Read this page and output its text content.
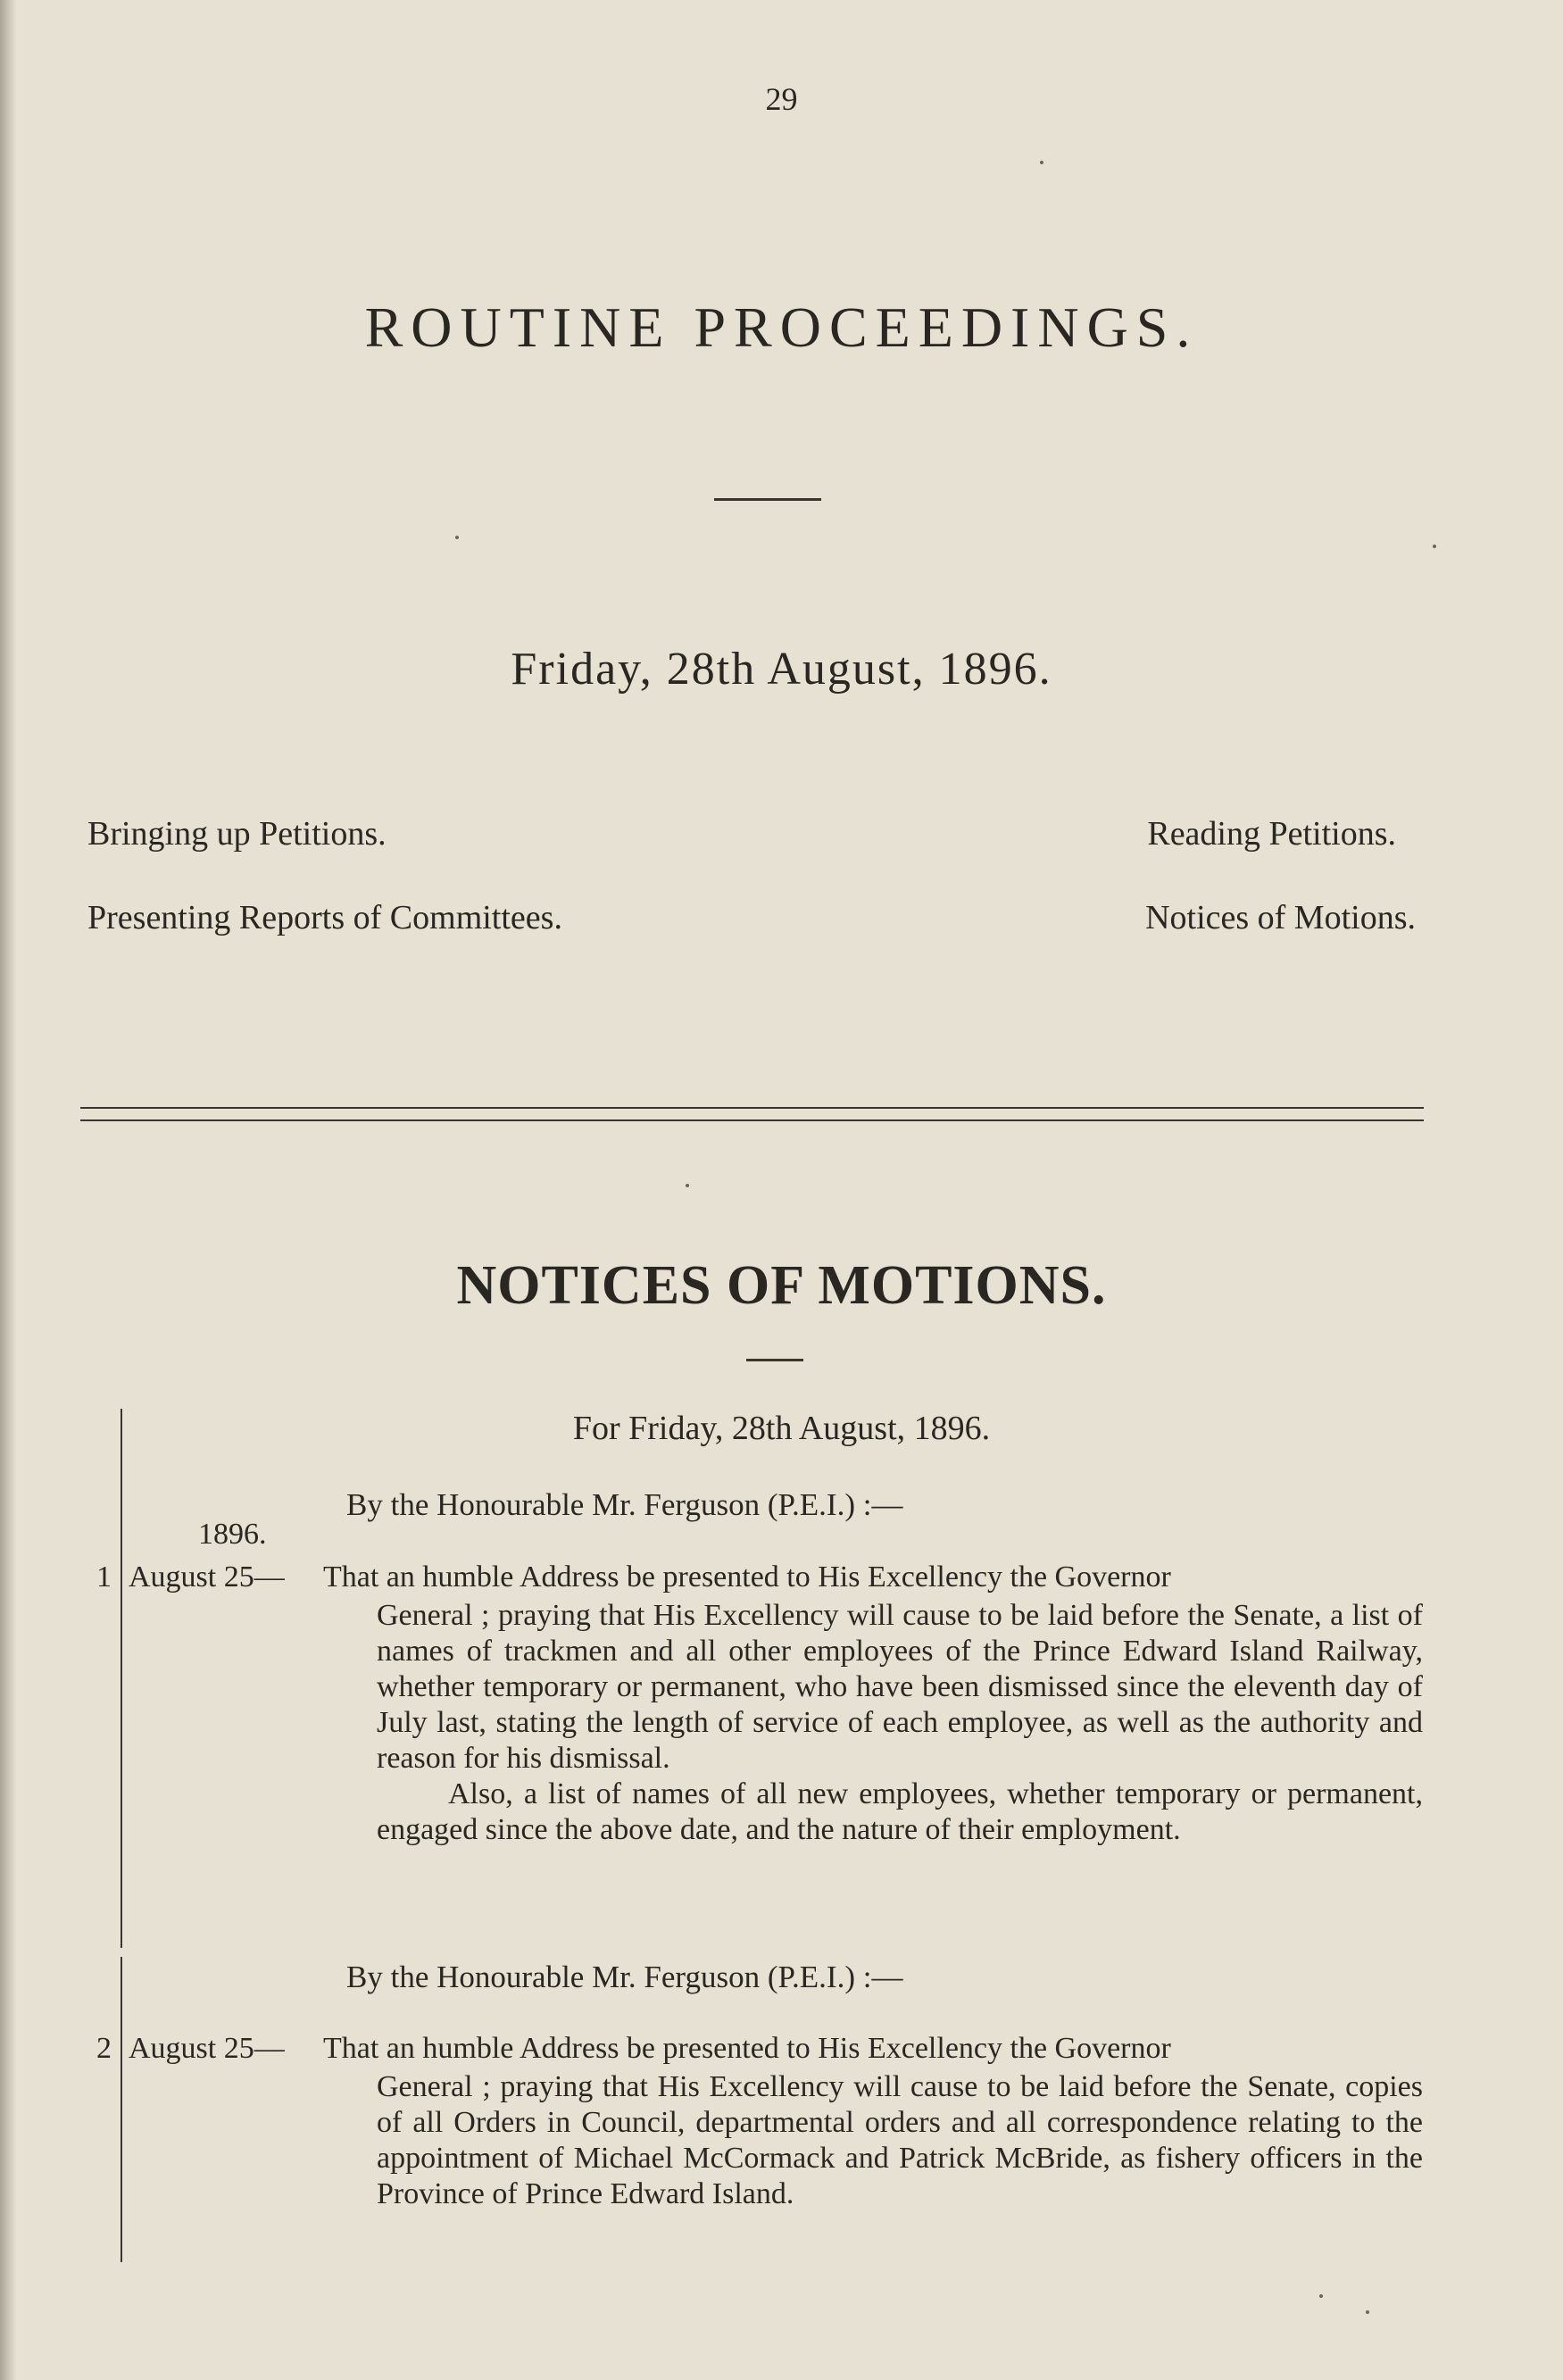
29
ROUTINE PROCEEDINGS.
Friday, 28th August, 1896.
Bringing up Petitions.	Reading Petitions.
Presenting Reports of Committees.	Notices of Motions.
NOTICES OF MOTIONS.
For Friday, 28th August, 1896.
By the Honourable Mr. Ferguson (P.E.I.) :—
1896.
1 August 25— That an humble Address be presented to His Excellency the Governor

General ; praying that His Excellency will cause to be laid before the Senate, a list of names of trackmen and all other employees of the Prince Edward Island Railway, whether temporary or permanent, who have been dismissed since the eleventh day of July last, stating the length of service of each employee, as well as the authority and reason for his dismissal.

Also, a list of names of all new employees, whether temporary or permanent, engaged since the above date, and the nature of their employment.

By the Honourable Mr. Ferguson (P.E.I.) :—
2 August 25— That an humble Address be presented to His Excellency the Governor

General ; praying that His Excellency will cause to be laid before the Senate, copies of all Orders in Council, departmental orders and all correspondence relating to the appointment of Michael McCormack and Patrick McBride, as fishery officers in the Province of Prince Edward Island.
